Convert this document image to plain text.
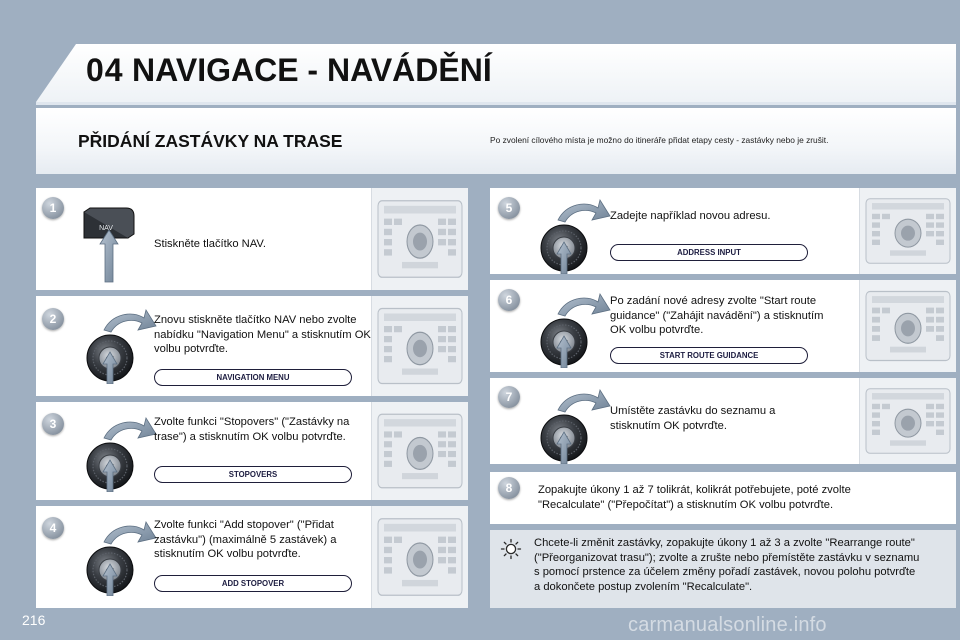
04 NAVIGACE - NAVÁDĚNÍ
PŘIDÁNÍ ZASTÁVKY NA TRASE	Po zvolení cílového místa je možno do itineráře přidat etapy cesty - zastávky nebo je zrušit.
1
NAV
Stiskněte tlačítko NAV.
2	Znovu stiskněte tlačítko NAV nebo zvolte nabídku "Navigation Menu" a stisknutím OK volbu potvrďte.
NAVIGATION MENU
3	Zvolte funkci "Stopovers" ("Zastávky na trase") a stisknutím OK volbu potvrďte.
STOPOVERS
4	Zvolte funkci "Add stopover" ("Přidat zastávku") (maximálně 5 zastávek) a stisknutím OK volbu potvrďte.
ADD STOPOVER
5
Zadejte například novou adresu.
ADDRESS INPUT
6	Po zadání nové adresy zvolte "Start route guidance" ("Zahájit navádění") a stisknutím OK volbu potvrďte.
START ROUTE GUIDANCE
7
Umístěte zastávku do seznamu a stisknutím OK potvrďte.
8	Zopakujte úkony 1 až 7 tolikrát, kolikrát potřebujete, poté zvolte "Recalculate" ("Přepočítat") a stisknutím OK volbu potvrďte.
Chcete-li změnit zastávky, zopakujte úkony 1 až 3 a zvolte "Rearrange route" ("Přeorganizovat trasu"); zvolte a zrušte nebo přemístěte zastávku v seznamu s pomocí prstence za účelem změny pořadí zastávek, novou polohu potvrďte a dokončete postup zvolením "Recalculate".
216	carmanualsonline.info
